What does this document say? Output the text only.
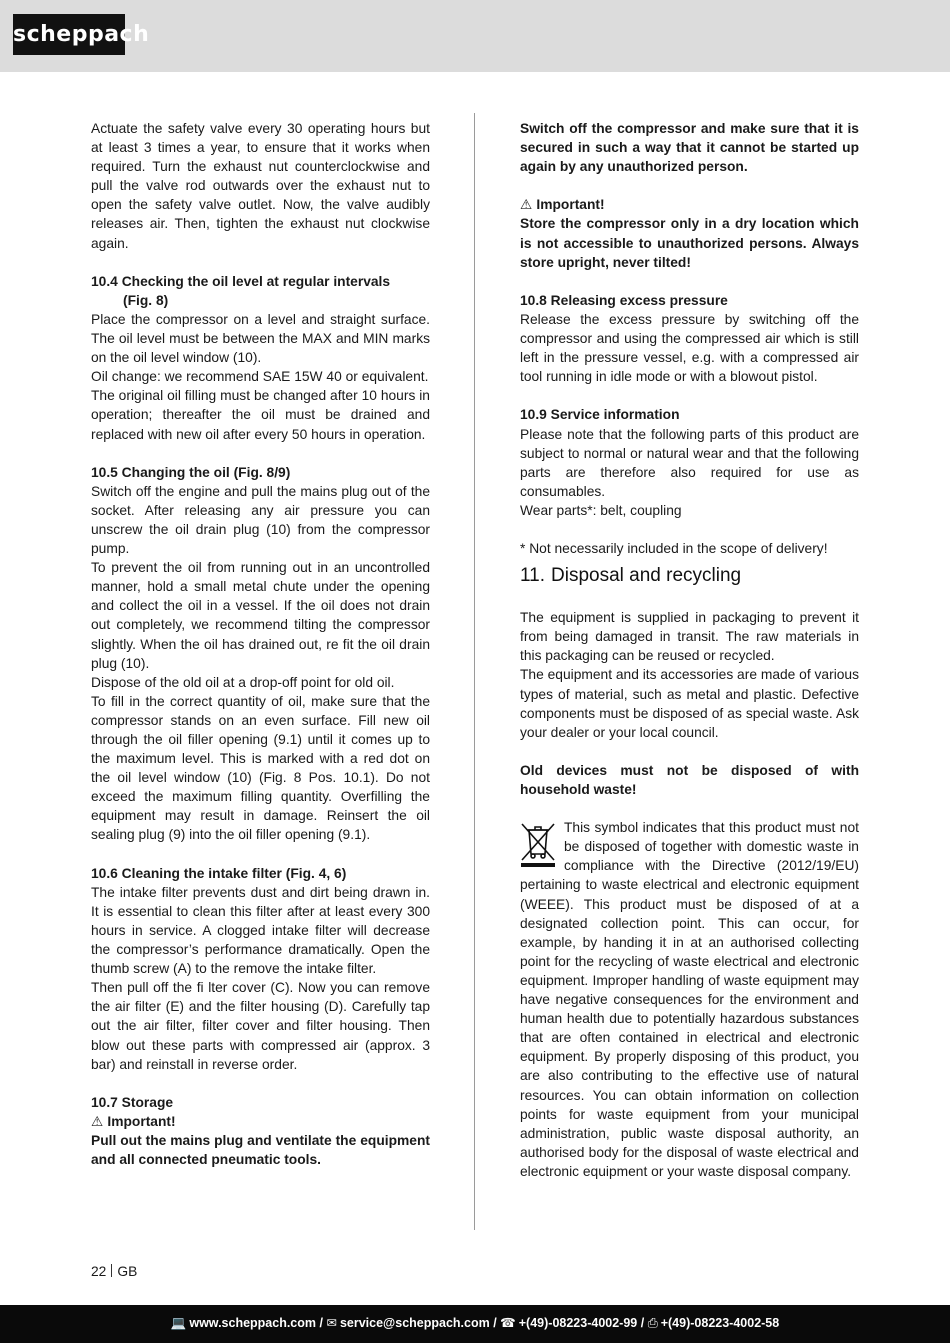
scheppach

Actuate the safety valve every 30 operating hours but at least 3 times a year, to ensure that it works when required. Turn the exhaust nut counterclockwise and pull the valve rod outwards over the exhaust nut to open the safety valve outlet. Now, the valve audibly releases air. Then, tighten the exhaust nut clockwise again.

10.4 Checking the oil level at regular intervals
(Fig. 8)

Place the compressor on a level and straight surface. The oil level must be between the MAX and MIN marks on the oil level window (10).

Oil change: we recommend SAE 15W 40 or equivalent.

The original oil filling must be changed after 10 hours in operation; thereafter the oil must be drained and replaced with new oil after every 50 hours in operation.

10.5 Changing the oil (Fig. 8/9)

Switch off the engine and pull the mains plug out of the socket. After releasing any air pressure you can unscrew the oil drain plug (10) from the compressor pump.

To prevent the oil from running out in an uncontrolled manner, hold a small metal chute under the opening and collect the oil in a vessel. If the oil does not drain out completely, we recommend tilting the compressor slightly. When the oil has drained out, re fit the oil drain plug (10).

Dispose of the old oil at a drop-off point for old oil.

To fill in the correct quantity of oil, make sure that the compressor stands on an even surface. Fill new oil through the oil filler opening (9.1) until it comes up to the maximum level. This is marked with a red dot on the oil level window (10) (Fig. 8 Pos. 10.1). Do not exceed the maximum filling quantity. Overfilling the equipment may result in damage. Reinsert the oil sealing plug (9) into the oil filler opening (9.1).

10.6 Cleaning the intake filter (Fig. 4, 6)

The intake filter prevents dust and dirt being drawn in. It is essential to clean this filter after at least every 300 hours in service. A clogged intake filter will decrease the compressor’s performance dramatically. Open the thumb screw (A) to the remove the intake filter.

Then pull off the fi lter cover (C). Now you can remove the air filter (E) and the filter housing (D). Carefully tap out the air filter, filter cover and filter housing. Then blow out these parts with compressed air (approx. 3 bar) and reinstall in reverse order.

10.7 Storage
⚠ Important!

Pull out the mains plug and ventilate the equipment and all connected pneumatic tools.

Switch off the compressor and make sure that it is secured in such a way that it cannot be started up again by any unauthorized person.

⚠ Important!

Store the compressor only in a dry location which is not accessible to unauthorized persons. Always store upright, never tilted!

10.8 Releasing excess pressure

Release the excess pressure by switching off the compressor and using the compressed air which is still left in the pressure vessel, e.g. with a compressed air tool running in idle mode or with a blowout pistol.

10.9 Service information

Please note that the following parts of this product are subject to normal or natural wear and that the following parts are therefore also required for use as consumables.

Wear parts*: belt, coupling

* Not necessarily included in the scope of delivery!

11. Disposal and recycling

The equipment is supplied in packaging to prevent it from being damaged in transit. The raw materials in this packaging can be reused or recycled.

The equipment and its accessories are made of various types of material, such as metal and plastic. Defective components must be disposed of as special waste. Ask your dealer or your local council.

Old devices must not be disposed of with household waste!

This symbol indicates that this product must not be disposed of together with domestic waste in compliance with the Directive (2012/19/EU) pertaining to waste electrical and electronic equipment (WEEE). This product must be disposed of at a designated collection point. This can occur, for example, by handing it in at an authorised collecting point for the recycling of waste electrical and electronic equipment. Improper handling of waste equipment may have negative consequences for the environment and human health due to potentially hazardous substances that are often contained in electrical and electronic equipment. By properly disposing of this product, you are also contributing to the effective use of natural resources. You can obtain information on collection points for waste equipment from your municipal administration, public waste disposal authority, an authorised body for the disposal of waste electrical and electronic equipment or your waste disposal company.

22 GB
💻 www.scheppach.com / ✉ service@scheppach.com / ☎ +(49)-08223-4002-99 / ⎙ +(49)-08223-4002-58
